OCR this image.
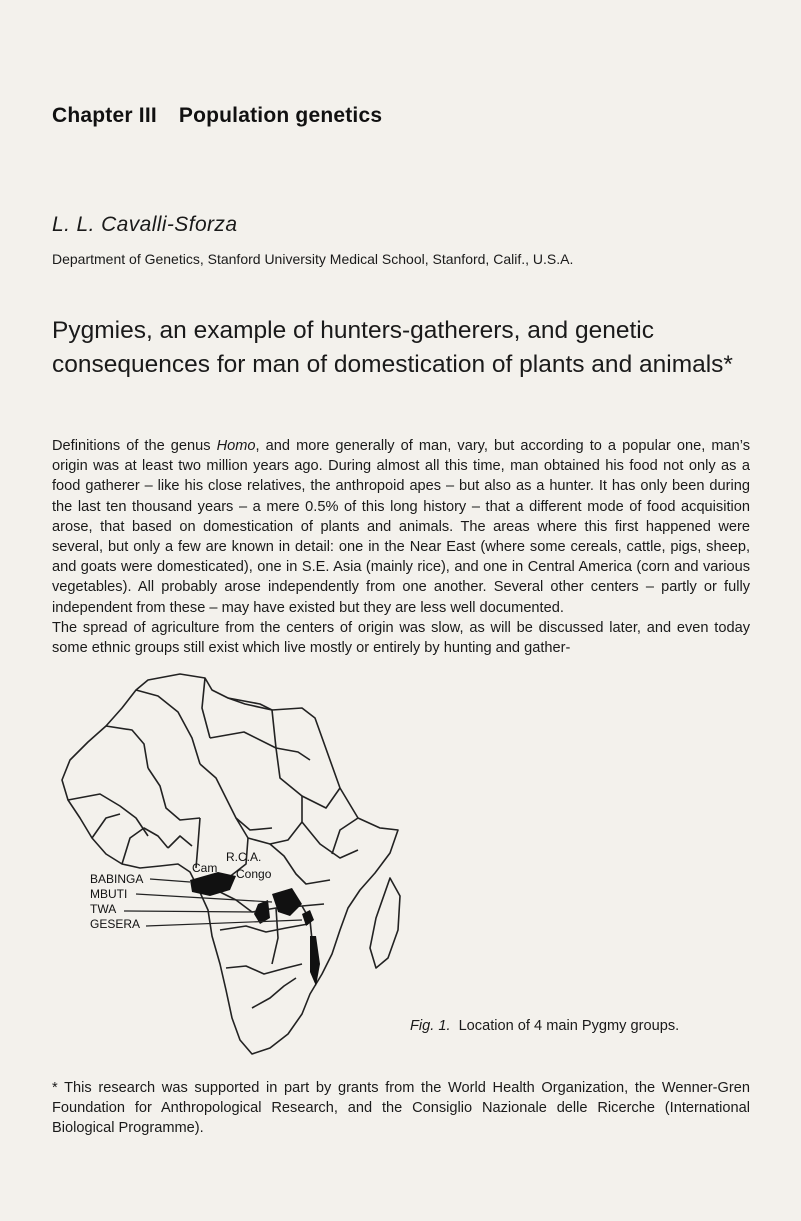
Chapter III Population genetics
L. L. Cavalli-Sforza
Department of Genetics, Stanford University Medical School, Stanford, Calif., U.S.A.
Pygmies, an example of hunters-gatherers, and genetic consequences for man of domestication of plants and animals*

Definitions of the genus Homo, and more generally of man, vary, but according to a popular one, man’s origin was at least two million years ago. During almost all this time, man obtained his food not only as a food gatherer – like his close relatives, the anthropoid apes – but also as a hunter. It has only been during the last ten thousand years – a mere 0.5% of this long history – that a different mode of food acquisition arose, that based on domestication of plants and animals. The areas where this first happened were several, but only a few are known in detail: one in the Near East (where some cereals, cattle, pigs, sheep, and goats were domesticated), one in S.E. Asia (mainly rice), and one in Central America (corn and various vegetables). All probably arose independently from one another. Several other centers – partly or fully independent from these – may have existed but they are less well documented.

The spread of agriculture from the centers of origin was slow, as will be discussed later, and even today some ethnic groups still exist which live mostly or entirely by hunting and gather-

BABINGA
MBUTI
TWA
GESERA
R.C.A.
Cam Congo
Fig. 1. Location of 4 main Pygmy groups.
* This research was supported in part by grants from the World Health Organization, the Wenner-Gren Foundation for Anthropological Research, and the Consiglio Nazionale delle Ricerche (International Biological Programme).
